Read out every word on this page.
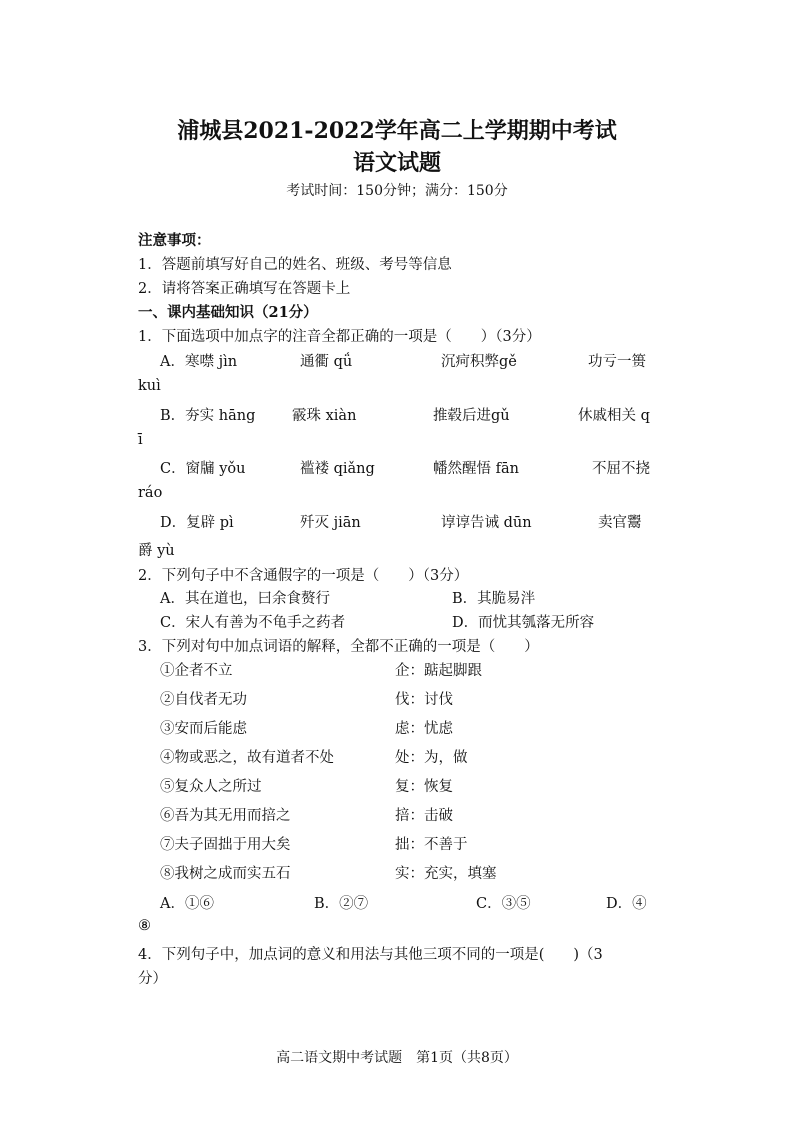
浦城县2021-2022学年高二上学期期中考试
语文试题
考试时间：150分钟；满分：150分
注意事项：
1．答题前填写好自己的姓名、班级、考号等信息
2．请将答案正确填写在答题卡上
一、课内基础知识（21分）
1．下面选项中加点字的注音全都正确的一项是（　　）（3分）
A．寒噤 jìn	通衢 qǘ	沉疴积弊gě	功亏一篑
kuì
B．夯实 hāng	霰珠 xiàn	推毂后进gǔ	休戚相关 q
ī
C．窗牖 yǒu	褴褛 qiǎng	幡然醒悟 fān	不屈不挠
ráo
D．复辟 pì	歼灭 jiān	谆谆告诫 dūn	卖官鬻
爵 yù
2．下列句子中不含通假字的一项是（　　）（3分）
A．其在道也，曰余食赘行	B．其脆易泮
C．宋人有善为不龟手之药者	D．而忧其瓠落无所容
3．下列对句中加点词语的解释，全都不正确的一项是（　　）
①企者不立	企：踮起脚跟
②自伐者无功	伐：讨伐
③安而后能虑	虑：忧虑
④物或恶之，故有道者不处	处：为，做
⑤复众人之所过	复：恢复
⑥吾为其无用而掊之	掊：击破
⑦夫子固拙于用大矣	拙：不善于
⑧我树之成而实五石	实：充实，填塞
A．①⑥	B．②⑦	C．③⑤	D．④
⑧
4．下列句子中，加点词的意义和用法与其他三项不同的一项是(　　)（3
分）
高二语文期中考试题　第1页（共8页）
